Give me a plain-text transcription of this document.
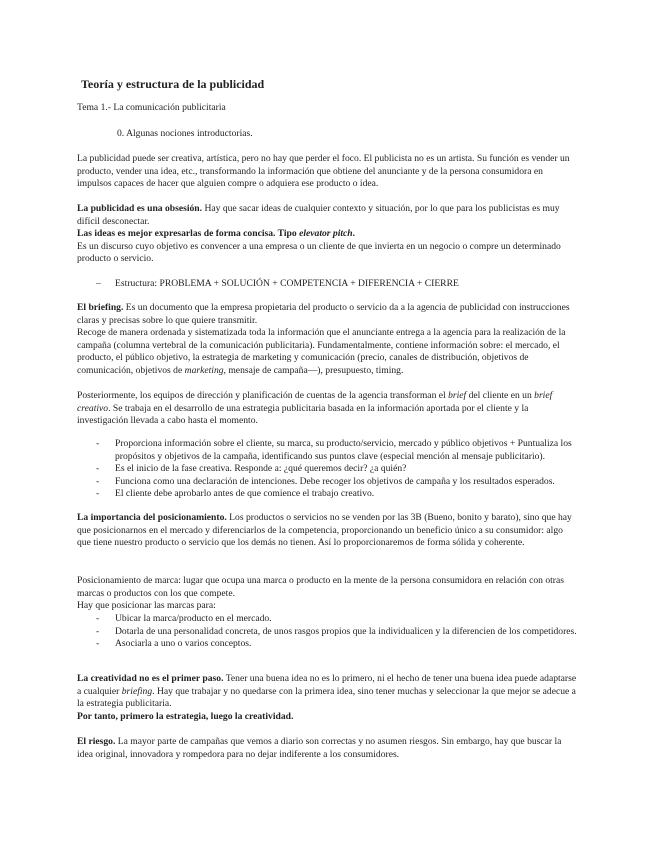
Teoría y estructura de la publicidad

Tema 1.- La comunicación publicitaria

0. Algunas nociones introductorias.

La publicidad puede ser creativa, artística, pero no hay que perder el foco. El publicista no es un artista. Su función es vender un producto, vender una idea, etc., transformando la información que obtiene del anunciante y de la persona consumidora en impulsos capaces de hacer que alguien compre o adquiera ese producto o idea.

La publicidad es una obsesión. Hay que sacar ideas de cualquier contexto y situación, por lo que para los publicistas es muy difícil desconectar.
Las ideas es mejor expresarlas de forma concisa. Tipo elevator pitch.
Es un discurso cuyo objetivo es convencer a una empresa o un cliente de que invierta en un negocio o compre un determinado producto o servicio.

– Estructura: PROBLEMA + SOLUCIÓN + COMPETENCIA + DIFERENCIA + CIERRE

El briefing. Es un documento que la empresa propietaria del producto o servicio da a la agencia de publicidad con instrucciones claras y precisas sobre lo que quiere transmitir.
Recoge de manera ordenada y sistematizada toda la información que el anunciante entrega a la agencia para la realización de la campaña (columna vertebral de la comunicación publicitaria). Fundamentalmente, contiene información sobre: el mercado, el producto, el público objetivo, la estrategia de marketing y comunicación (precio, canales de distribución, objetivos de comunicación, objetivos de marketing, mensaje de campaña—), presupuesto, timing.

Posteriormente, los equipos de dirección y planificación de cuentas de la agencia transforman el brief del cliente en un brief creativo. Se trabaja en el desarrollo de una estrategia publicitaria basada en la información aportada por el cliente y la investigación llevada a cabo hasta el momento.

- Proporciona información sobre el cliente, su marca, su producto/servicio, mercado y público objetivos + Puntualiza los propósitos y objetivos de la campaña, identificando sus puntos clave (especial mención al mensaje publicitario).
- Es el inicio de la fase creativa. Responde a: ¿qué queremos decir? ¿a quién?
- Funciona como una declaración de intenciones. Debe recoger los objetivos de campaña y los resultados esperados.
- El cliente debe aprobarlo antes de que comience el trabajo creativo.

La importancia del posicionamiento. Los productos o servicios no se venden por las 3B (Bueno, bonito y barato), sino que hay que posicionarnos en el mercado y diferenciarlos de la competencia, proporcionando un beneficio único a su consumidor: algo que tiene nuestro producto o servicio que los demás no tienen. Así lo proporcionaremos de forma sólida y coherente.

Posicionamiento de marca: lugar que ocupa una marca o producto en la mente de la persona consumidora en relación con otras marcas o productos con los que compete.
Hay que posicionar las marcas para:

- Ubicar la marca/producto en el mercado.
- Dotarla de una personalidad concreta, de unos rasgos propios que la individualicen y la diferencien de los competidores.
- Asociarla a uno o varios conceptos.

La creatividad no es el primer paso. Tener una buena idea no es lo primero, ni el hecho de tener una buena idea puede adaptarse a cualquier briefing. Hay que trabajar y no quedarse con la primera idea, sino tener muchas y seleccionar la que mejor se adecue a la estrategia publicitaria.
Por tanto, primero la estrategia, luego la creatividad.

El riesgo. La mayor parte de campañas que vemos a diario son correctas y no asumen riesgos. Sin embargo, hay que buscar la idea original, innovadora y rompedora para no dejar indiferente a los consumidores.
